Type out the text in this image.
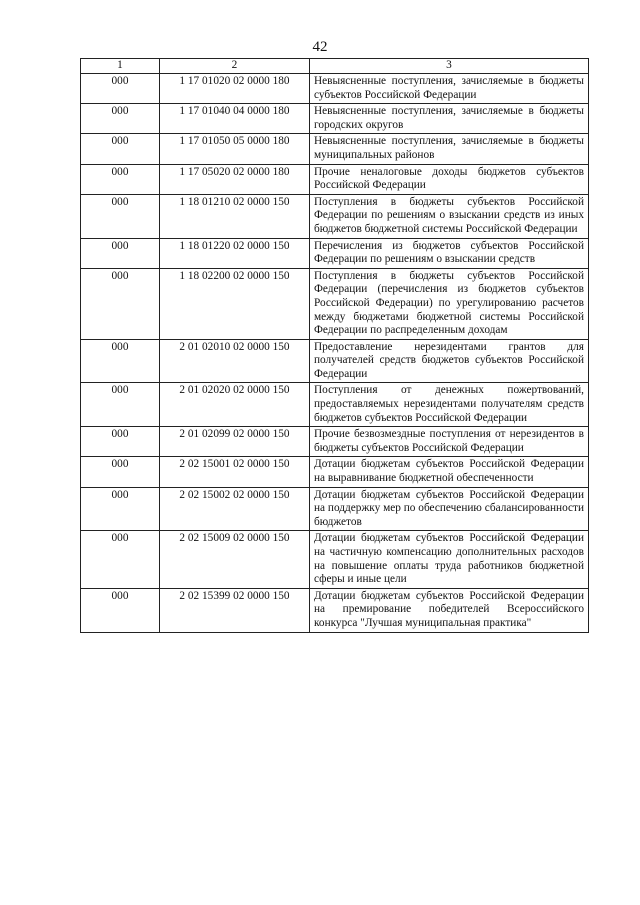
42
1	2	3
000	1 17 01020 02 0000 180	Невыясненные поступления, зачисляемые в бюджеты субъектов Российской Федерации
000	1 17 01040 04 0000 180	Невыясненные поступления, зачисляемые в бюджеты городских округов
000	1 17 01050 05 0000 180	Невыясненные поступления, зачисляемые в бюджеты муниципальных районов
000	1 17 05020 02 0000 180	Прочие неналоговые доходы бюджетов субъектов Российской Федерации
000	1 18 01210 02 0000 150	Поступления в бюджеты субъектов Российской Федерации по решениям о взыскании средств из иных бюджетов бюджетной системы Российской Федерации
000	1 18 01220 02 0000 150	Перечисления из бюджетов субъектов Российской Федерации по решениям о взыскании средств
000	1 18 02200 02 0000 150	Поступления в бюджеты субъектов Российской Федерации (перечисления из бюджетов субъектов Российской Федерации) по урегулированию расчетов между бюджетами бюджетной системы Российской Федерации по распределенным доходам
000	2 01 02010 02 0000 150	Предоставление нерезидентами грантов для получателей средств бюджетов субъектов Российской Федерации
000	2 01 02020 02 0000 150	Поступления от денежных пожертвований, предоставляемых нерезидентами получателям средств бюджетов субъектов Российской Федерации
000	2 01 02099 02 0000 150	Прочие безвозмездные поступления от нерезидентов в бюджеты субъектов Российской Федерации
000	2 02 15001 02 0000 150	Дотации бюджетам субъектов Российской Федерации на выравнивание бюджетной обеспеченности
000	2 02 15002 02 0000 150	Дотации бюджетам субъектов Российской Федерации на поддержку мер по обеспечению сбалансированности бюджетов
000	2 02 15009 02 0000 150	Дотации бюджетам субъектов Российской Федерации на частичную компенсацию дополнительных расходов на повышение оплаты труда работников бюджетной сферы и иные цели
000	2 02 15399 02 0000 150	Дотации бюджетам субъектов Российской Федерации на премирование победителей Всероссийского конкурса "Лучшая муниципальная практика"
